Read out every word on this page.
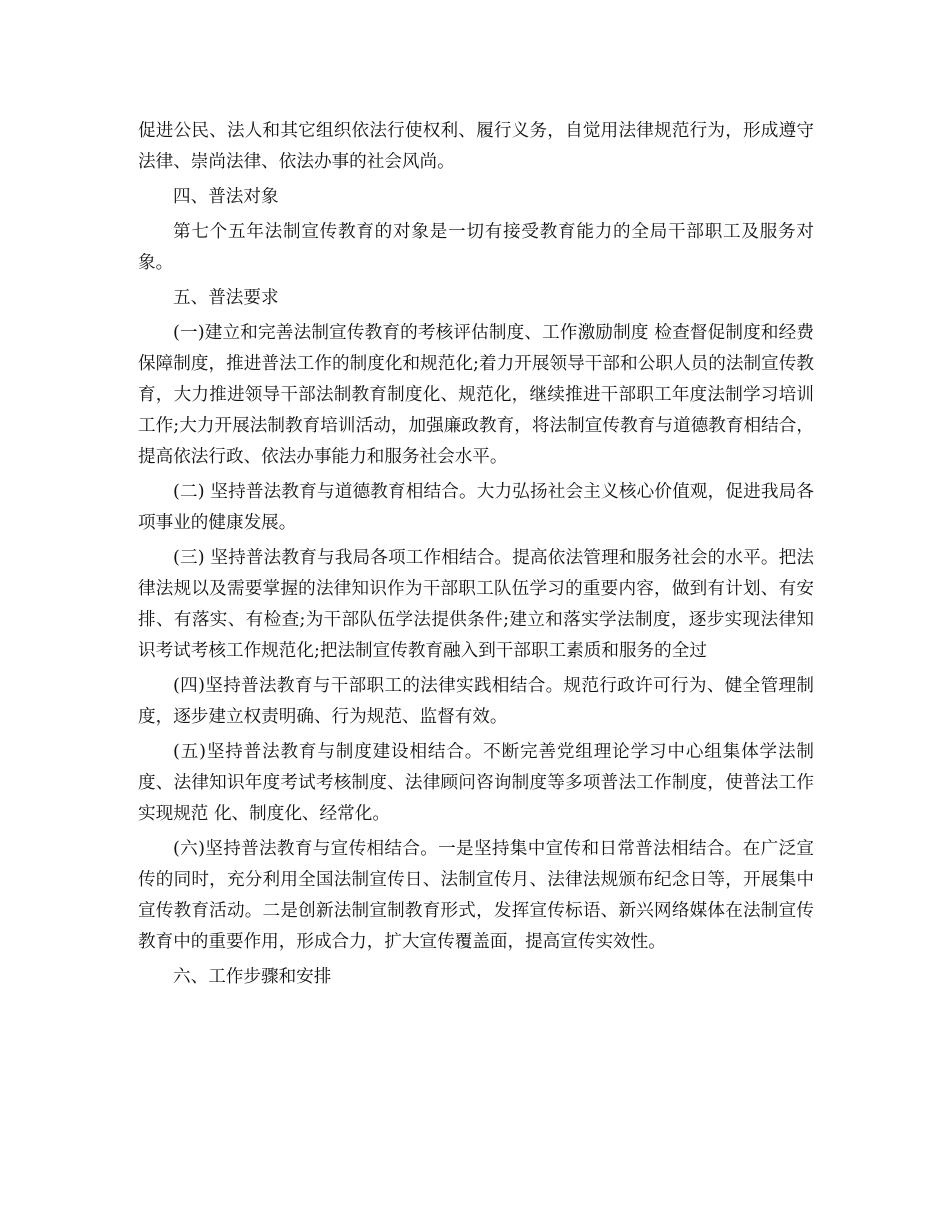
促进公民、法人和其它组织依法行使权利、履行义务，自觉用法律规范行为，形成遵守法律、崇尚法律、依法办事的社会风尚。

四、普法对象

第七个五年法制宣传教育的对象是一切有接受教育能力的全局干部职工及服务对象。

五、普法要求

(一)建立和完善法制宣传教育的考核评估制度、工作激励制度 检查督促制度和经费保障制度，推进普法工作的制度化和规范化;着力开展领导干部和公职人员的法制宣传教育，大力推进领导干部法制教育制度化、规范化，继续推进干部职工年度法制学习培训工作;大力开展法制教育培训活动，加强廉政教育，将法制宣传教育与道德教育相结合，提高依法行政、依法办事能力和服务社会水平。

(二) 坚持普法教育与道德教育相结合。大力弘扬社会主义核心价值观，促进我局各项事业的健康发展。

(三) 坚持普法教育与我局各项工作相结合。提高依法管理和服务社会的水平。把法律法规以及需要掌握的法律知识作为干部职工队伍学习的重要内容，做到有计划、有安排、有落实、有检查;为干部队伍学法提供条件;建立和落实学法制度，逐步实现法律知识考试考核工作规范化;把法制宣传教育融入到干部职工素质和服务的全过

(四)坚持普法教育与干部职工的法律实践相结合。规范行政许可行为、健全管理制度，逐步建立权责明确、行为规范、监督有效。

(五)坚持普法教育与制度建设相结合。不断完善党组理论学习中心组集体学法制度、法律知识年度考试考核制度、法律顾问咨询制度等多项普法工作制度，使普法工作实现规范 化、制度化、经常化。

(六)坚持普法教育与宣传相结合。一是坚持集中宣传和日常普法相结合。在广泛宣传的同时，充分利用全国法制宣传日、法制宣传月、法律法规颁布纪念日等，开展集中宣传教育活动。二是创新法制宣制教育形式，发挥宣传标语、新兴网络媒体在法制宣传教育中的重要作用，形成合力，扩大宣传覆盖面，提高宣传实效性。

六、工作步骤和安排
